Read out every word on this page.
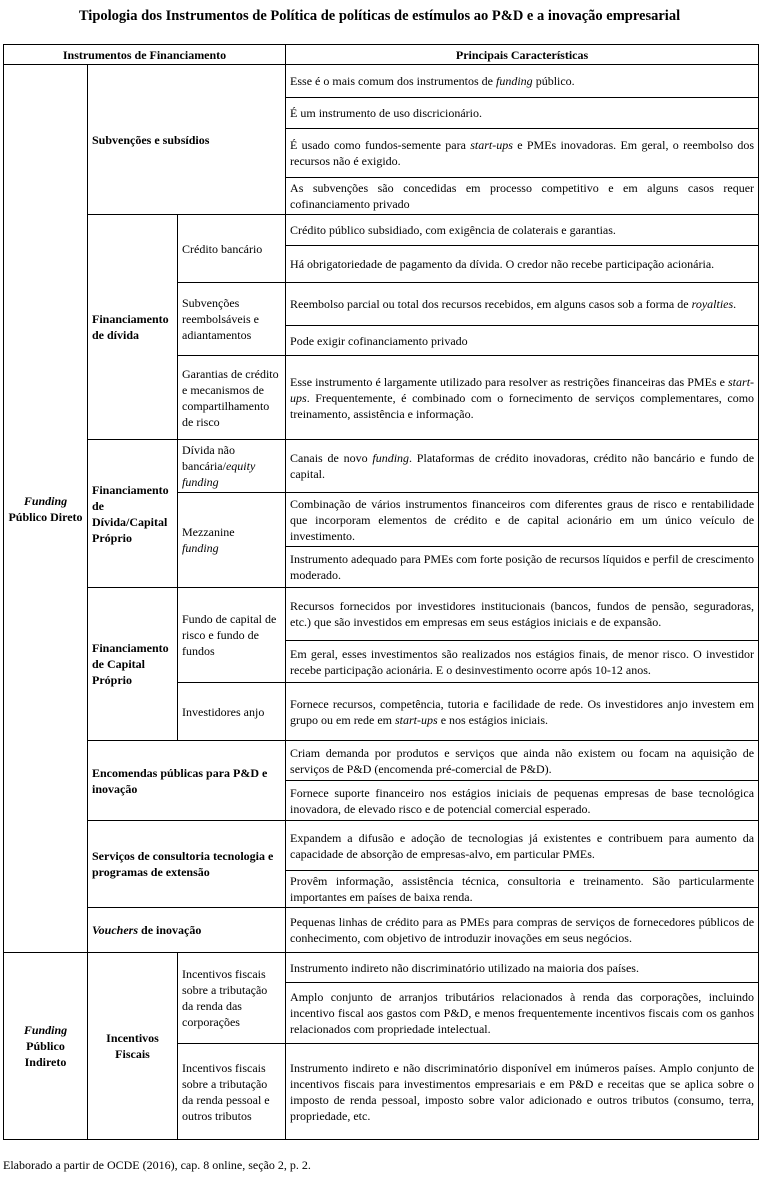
Tipologia dos Instrumentos de Política de políticas de estímulos ao P&D e a inovação empresarial
Instrumentos de Financiamento			Principais Características
Funding
Público Direto	Subvenções e subsídios		Esse é o mais comum dos instrumentos de funding público.
			É um instrumento de uso discricionário.
			É usado como fundos-semente para start-ups e PMEs inovadoras. Em geral, o reembolso dos recursos não é exigido.
			As subvenções são concedidas em processo competitivo e em alguns casos requer cofinanciamento privado
	Financiamento de dívida	Crédito bancário	Crédito público subsidiado, com exigência de colaterais e garantias.
			Há obrigatoriedade de pagamento da dívida. O credor não recebe participação acionária.
		Subvenções reembolsáveis e adiantamentos	Reembolso parcial ou total dos recursos recebidos, em alguns casos sob a forma de royalties.
			Pode exigir cofinanciamento privado
		Garantias de crédito e mecanismos de compartilhamento de risco	Esse instrumento é largamente utilizado para resolver as restrições financeiras das PMEs e start-ups. Frequentemente, é combinado com o fornecimento de serviços complementares, como treinamento, assistência e informação.
	Financiamento de Dívida/Capital Próprio	Dívida não bancária/equity
funding	Canais de novo funding. Plataformas de crédito inovadoras, crédito não bancário e fundo de capital.
		Mezzanine
funding	Combinação de vários instrumentos financeiros com diferentes graus de risco e rentabilidade que incorporam elementos de crédito e de capital acionário em um único veículo de investimento.
			Instrumento adequado para PMEs com forte posição de recursos líquidos e perfil de crescimento moderado.
	Financiamento de Capital Próprio	Fundo de capital de risco e fundo de fundos	Recursos fornecidos por investidores institucionais (bancos, fundos de pensão, seguradoras, etc.) que são investidos em empresas em seus estágios iniciais e de expansão.
			Em geral, esses investimentos são realizados nos estágios finais, de menor risco. O investidor recebe participação acionária. E o desinvestimento ocorre após 10-12 anos.
		Investidores anjo	Fornece recursos, competência, tutoria e facilidade de rede. Os investidores anjo investem em grupo ou em rede em start-ups e nos estágios iniciais.
	Encomendas públicas para P&D e inovação		Criam demanda por produtos e serviços que ainda não existem ou focam na aquisição de serviços de P&D (encomenda pré-comercial de P&D).
			Fornece suporte financeiro nos estágios iniciais de pequenas empresas de base tecnológica inovadora, de elevado risco e de potencial comercial esperado.
	Serviços de consultoria tecnologia e programas de extensão		Expandem a difusão e adoção de tecnologias já existentes e contribuem para aumento da capacidade de absorção de empresas-alvo, em particular PMEs.
			Provêm informação, assistência técnica, consultoria e treinamento. São particularmente importantes em países de baixa renda.
	Vouchers de inovação		Pequenas linhas de crédito para as PMEs para compras de serviços de fornecedores públicos de conhecimento, com objetivo de introduzir inovações em seus negócios.
Funding
Público
Indireto	Incentivos Fiscais	Incentivos fiscais sobre a tributação da renda das corporações	Instrumento indireto não discriminatório utilizado na maioria dos países.
			Amplo conjunto de arranjos tributários relacionados à renda das corporações, incluindo incentivo fiscal aos gastos com P&D, e menos frequentemente incentivos fiscais com os ganhos relacionados com propriedade intelectual.
		Incentivos fiscais sobre a tributação da renda pessoal e outros tributos	Instrumento indireto e não discriminatório disponível em inúmeros países. Amplo conjunto de incentivos fiscais para investimentos empresariais e em P&D e receitas que se aplica sobre o imposto de renda pessoal, imposto sobre valor adicionado e outros tributos (consumo, terra, propriedade, etc.
Elaborado a partir de OCDE (2016), cap. 8 online, seção 2, p. 2.
